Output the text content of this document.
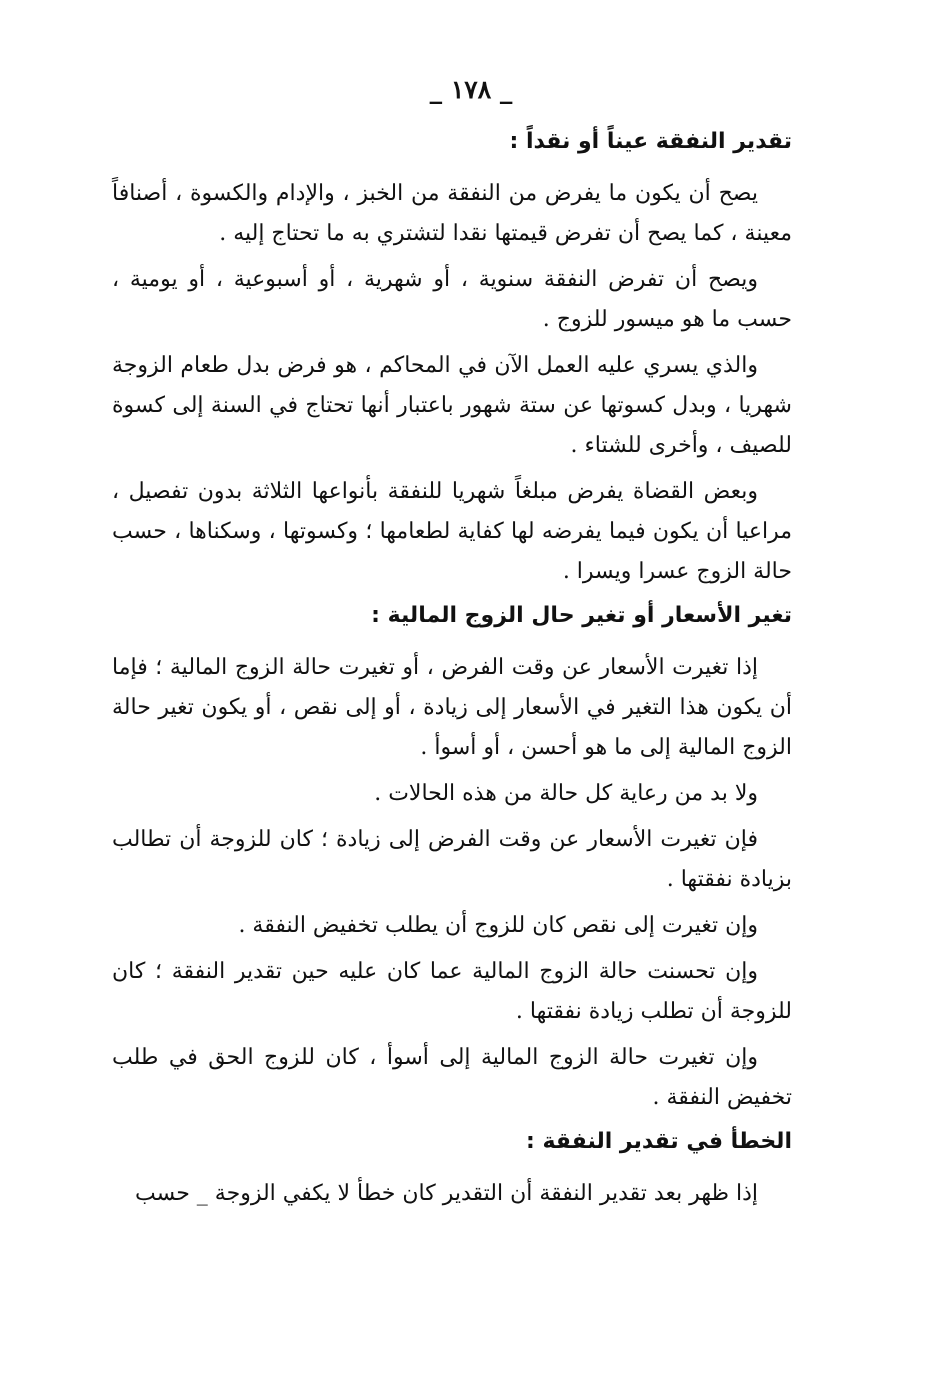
_ ١٧٨ _
تقدير النفقة عيناً أو نقداً :

يصح أن يكون ما يفرض من النفقة من الخبز ، والإدام والكسوة ، أصنافاً معينة ، كما يصح أن تفرض قيمتها نقدا لتشتري به ما تحتاج إليه .

ويصح أن تفرض النفقة سنوية ، أو شهرية ، أو أسبوعية ، أو يومية ، حسب ما هو ميسور للزوج .

والذي يسري عليه العمل الآن في المحاكم ، هو فرض بدل طعام الزوجة شهريا ، وبدل كسوتها عن ستة شهور باعتبار أنها تحتاج في السنة إلى كسوة للصيف ، وأخرى للشتاء .

وبعض القضاة يفرض مبلغاً شهريا للنفقة بأنواعها الثلاثة بدون تفصيل ، مراعيا أن يكون فيما يفرضه لها كفاية لطعامها ؛ وكسوتها ، وسكناها ، حسب حالة الزوج عسرا ويسرا .

تغير الأسعار أو تغير حال الزوج المالية :

إذا تغيرت الأسعار عن وقت الفرض ، أو تغيرت حالة الزوج المالية ؛ فإما أن يكون هذا التغير في الأسعار إلى زيادة ، أو إلى نقص ، أو يكون تغير حالة الزوج المالية إلى ما هو أحسن ، أو أسوأ .

ولا بد من رعاية كل حالة من هذه الحالات .

فإن تغيرت الأسعار عن وقت الفرض إلى زيادة ؛ كان للزوجة أن تطالب بزيادة نفقتها .

وإن تغيرت إلى نقص كان للزوج أن يطلب تخفيض النفقة .

وإن تحسنت حالة الزوج المالية عما كان عليه حين تقدير النفقة ؛ كان للزوجة أن تطلب زيادة نفقتها .

وإن تغيرت حالة الزوج المالية إلى أسوأ ، كان للزوج الحق في طلب تخفيض النفقة .

الخطأ في تقدير النفقة :

إذا ظهر بعد تقدير النفقة أن التقدير كان خطأ لا يكفي الزوجة _ حسب
